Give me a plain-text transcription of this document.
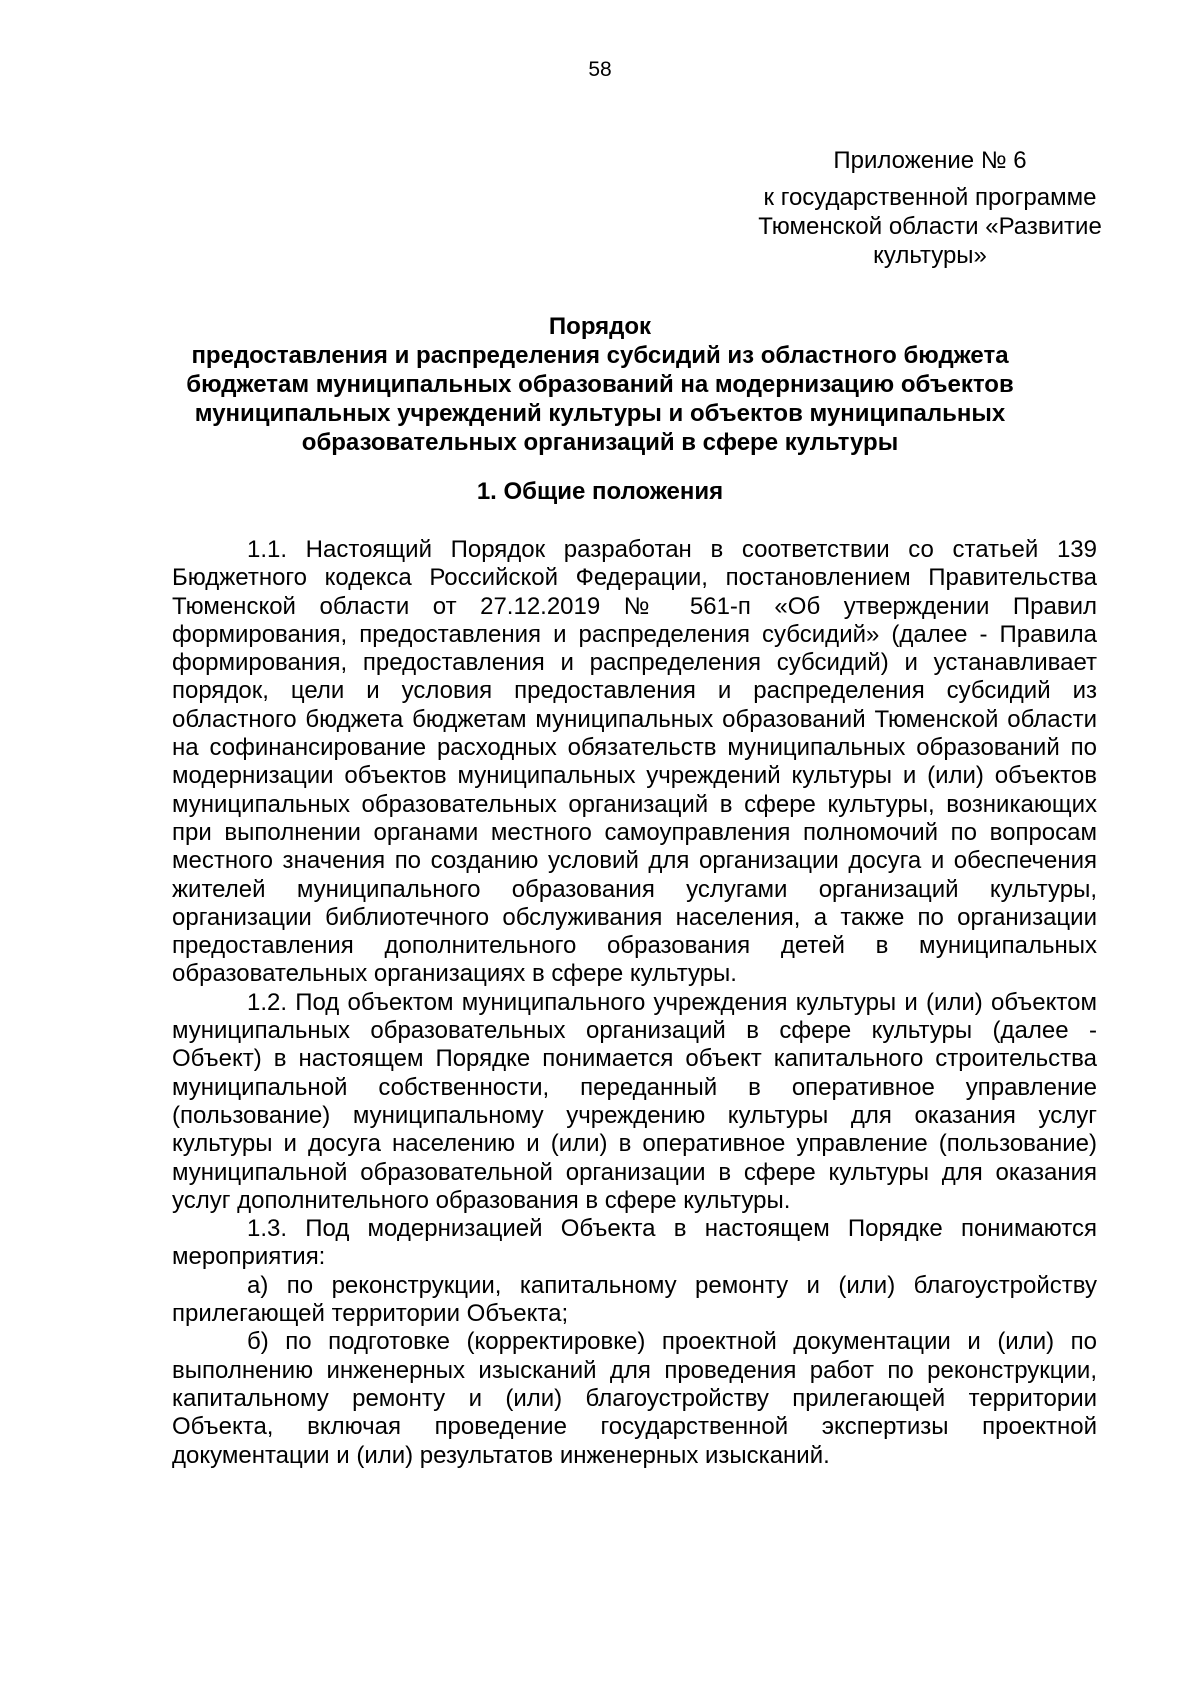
58
Приложение № 6
к государственной программе
Тюменской области «Развитие
культуры»
Порядок
предоставления и распределения субсидий из областного бюджета
бюджетам муниципальных образований на модернизацию объектов
муниципальных учреждений культуры и объектов муниципальных
образовательных организаций в сфере культуры
1. Общие положения

1.1. Настоящий Порядок разработан в соответствии со статьей 139 Бюджетного кодекса Российской Федерации, постановлением Правительства Тюменской области от 27.12.2019 № 561-п «Об утверждении Правил формирования, предоставления и распределения субсидий» (далее - Правила формирования, предоставления и распределения субсидий) и устанавливает порядок, цели и условия предоставления и распределения субсидий из областного бюджета бюджетам муниципальных образований Тюменской области на софинансирование расходных обязательств муниципальных образований по модернизации объектов муниципальных учреждений культуры и (или) объектов муниципальных образовательных организаций в сфере культуры, возникающих при выполнении органами местного самоуправления полномочий по вопросам местного значения по созданию условий для организации досуга и обеспечения жителей муниципального образования услугами организаций культуры, организации библиотечного обслуживания населения, а также по организации предоставления дополнительного образования детей в муниципальных образовательных организациях в сфере культуры.

1.2. Под объектом муниципального учреждения культуры и (или) объектом муниципальных образовательных организаций в сфере культуры (далее - Объект) в настоящем Порядке понимается объект капитального строительства муниципальной собственности, переданный в оперативное управление (пользование) муниципальному учреждению культуры для оказания услуг культуры и досуга населению и (или) в оперативное управление (пользование) муниципальной образовательной организации в сфере культуры для оказания услуг дополнительного образования в сфере культуры.

1.3. Под модернизацией Объекта в настоящем Порядке понимаются мероприятия:

а) по реконструкции, капитальному ремонту и (или) благоустройству прилегающей территории Объекта;

б) по подготовке (корректировке) проектной документации и (или) по выполнению инженерных изысканий для проведения работ по реконструкции, капитальному ремонту и (или) благоустройству прилегающей территории Объекта, включая проведение государственной экспертизы проектной документации и (или) результатов инженерных изысканий.
